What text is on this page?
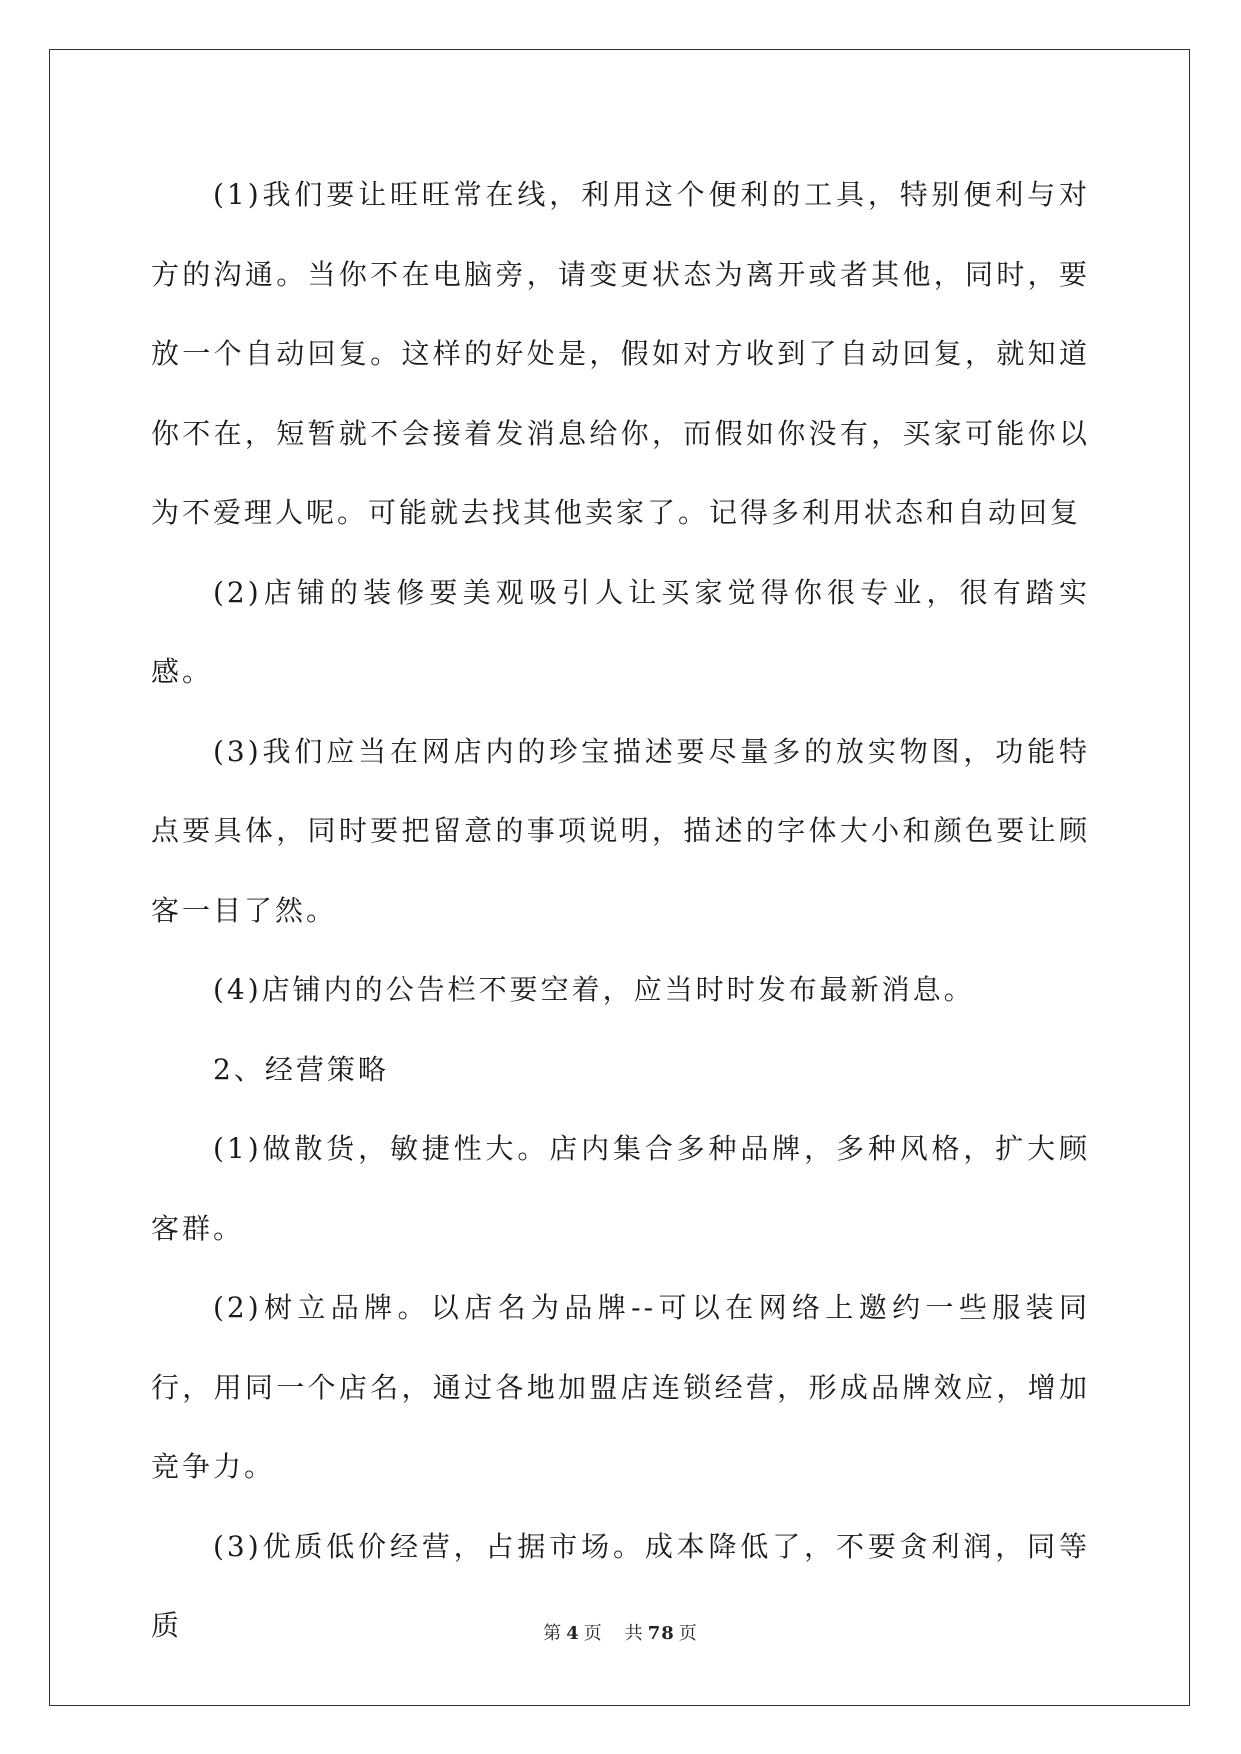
(1)我们要让旺旺常在线，利用这个便利的工具，特别便利与对方的沟通。当你不在电脑旁，请变更状态为离开或者其他，同时，要放一个自动回复。这样的好处是，假如对方收到了自动回复，就知道你不在，短暂就不会接着发消息给你，而假如你没有，买家可能你以为不爱理人呢。可能就去找其他卖家了。记得多利用状态和自动回复

(2)店铺的装修要美观吸引人让买家觉得你很专业，很有踏实感。

(3)我们应当在网店内的珍宝描述要尽量多的放实物图，功能特点要具体，同时要把留意的事项说明，描述的字体大小和颜色要让顾客一目了然。

(4)店铺内的公告栏不要空着，应当时时发布最新消息。

2、经营策略

(1)做散货，敏捷性大。店内集合多种品牌，多种风格，扩大顾客群。

(2)树立品牌。以店名为品牌--可以在网络上邀约一些服装同行，用同一个店名，通过各地加盟店连锁经营，形成品牌效应，增加竞争力。

(3)优质低价经营，占据市场。成本降低了，不要贪利润，同等质	第 4 页 共 78 页
